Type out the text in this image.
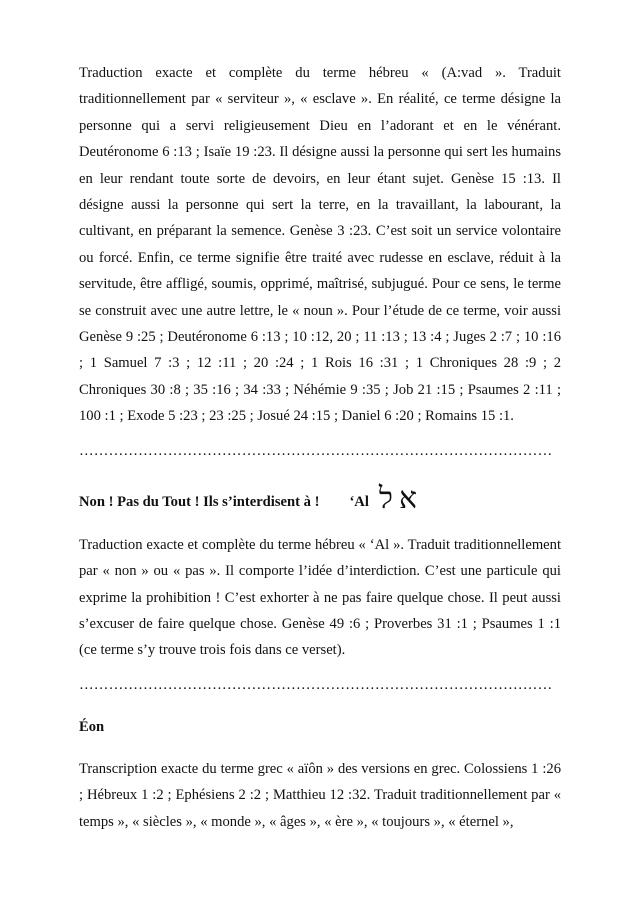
Traduction exacte et complète du terme hébreu « (A:vad ». Traduit traditionnellement par « serviteur », « esclave ». En réalité, ce terme désigne la personne qui a servi religieusement Dieu en l’adorant et en le vénérant. Deutéronome 6 :13 ; Isaïe 19 :23. Il désigne aussi la personne qui sert les humains en leur rendant toute sorte de devoirs, en leur étant sujet. Genèse 15 :13. Il désigne aussi la personne qui sert la terre, en la travaillant, la labourant, la cultivant, en préparant la semence. Genèse 3 :23. C’est soit un service volontaire ou forcé. Enfin, ce terme signifie être traité avec rudesse en esclave, réduit à la servitude, être affligé, soumis, opprimé, maîtrisé, subjugué. Pour ce sens, le terme se construit avec une autre lettre, le « noun ». Pour l’étude de ce terme, voir aussi Genèse 9 :25 ; Deutéronome 6 :13 ; 10 :12, 20 ; 11 :13 ; 13 :4 ; Juges 2 :7 ; 10 :16 ; 1 Samuel 7 :3 ; 12 :11 ; 20 :24 ; 1 Rois 16 :31 ; 1 Chroniques 28 :9 ; 2 Chroniques 30 :8 ; 35 :16 ; 34 :33 ; Néhémie 9 :35 ; Job 21 :15 ; Psaumes 2 :11 ; 100 :1 ; Exode 5 :23 ; 23 :25 ; Josué 24 :15 ; Daniel 6 :20 ; Romains 15 :1.

……………………………………………………………………………………
Non ! Pas du Tout ! Ils s’interdisent à ! ‘Al אל

Traduction exacte et complète du terme hébreu « ‘Al ». Traduit traditionnellement par « non » ou « pas ». Il comporte l’idée d’interdiction. C’est une particule qui exprime la prohibition ! C’est exhorter à ne pas faire quelque chose. Il peut aussi s’excuser de faire quelque chose. Genèse 49 :6 ; Proverbes 31 :1 ; Psaumes 1 :1 (ce terme s’y trouve trois fois dans ce verset).

……………………………………………………………………………………
Éon

Transcription exacte du terme grec « aïôn » des versions en grec. Colossiens 1 :26 ; Hébreux 1 :2 ; Ephésiens 2 :2 ; Matthieu 12 :32. Traduit traditionnellement par « temps », « siècles », « monde », « âges », « ère », « toujours », « éternel »,
